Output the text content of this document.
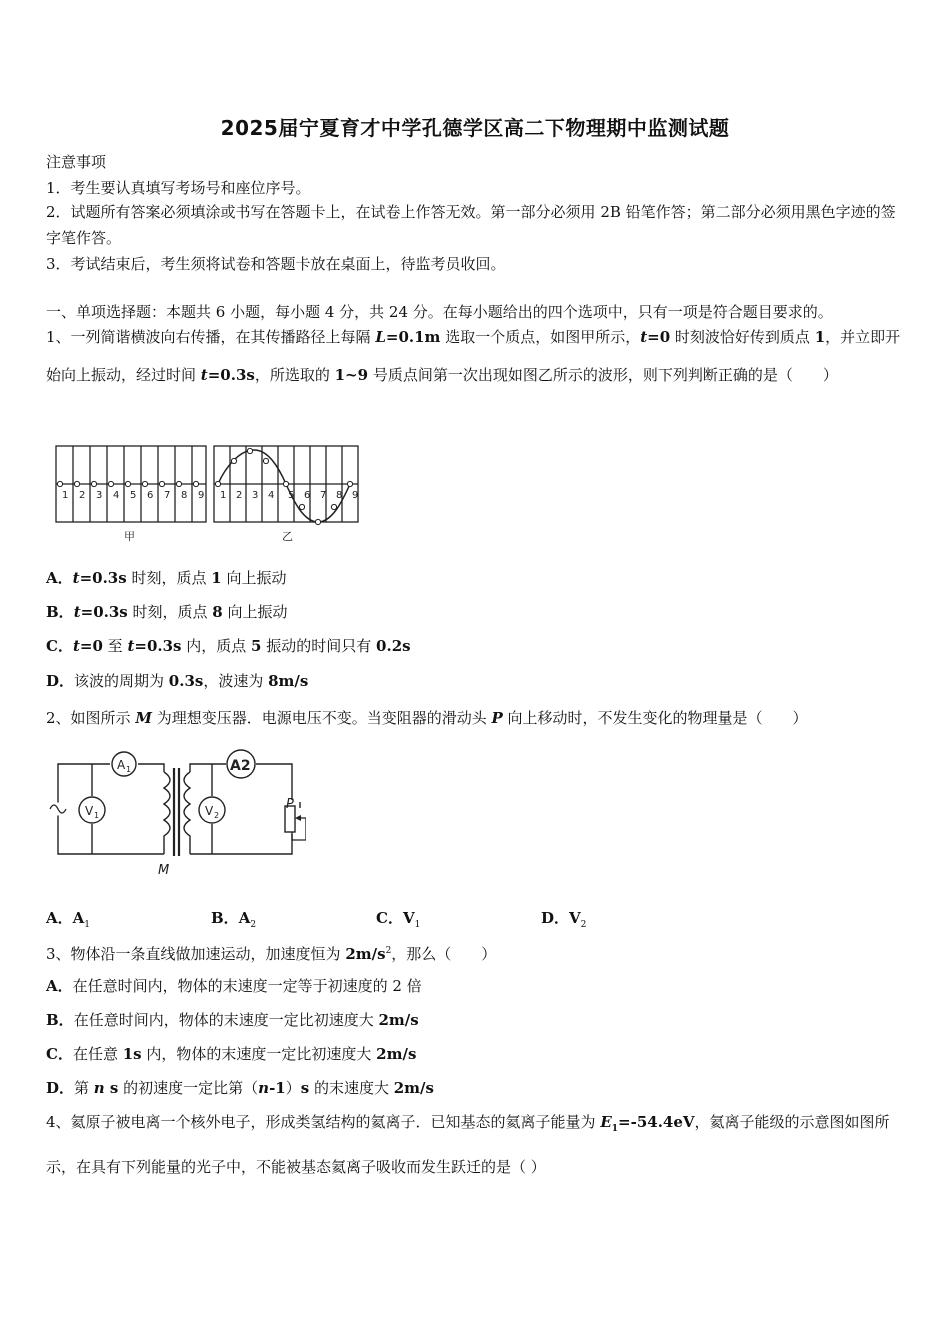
2025届宁夏育才中学孔德学区高二下物理期中监测试题
注意事项
1．考生要认真填写考场号和座位序号。
2．试题所有答案必须填涂或书写在答题卡上，在试卷上作答无效。第一部分必须用 2B 铅笔作答；第二部分必须用黑色字迹的签字笔作答。
3．考试结束后，考生须将试卷和答题卡放在桌面上，待监考员收回。
一、单项选择题：本题共 6 小题，每小题 4 分，共 24 分。在每小题给出的四个选项中，只有一项是符合题目要求的。
1、一列简谐横波向右传播，在其传播路径上每隔 L=0.1m 选取一个质点，如图甲所示，t=0 时刻波恰好传到质点 1，并立即开始向上振动，经过时间 t=0.3s，所选取的 1~9 号质点间第一次出现如图乙所示的波形，则下列判断正确的是（　　）
1 2 3 4 5 6 7 8 9
甲
1 2 3 4 5 6 7 8 9
乙
A．t=0.3s 时刻，质点 1 向上振动
B．t=0.3s 时刻，质点 8 向上振动
C．t=0 至 t=0.3s 内，质点 5 振动的时间只有 0.2s
D．该波的周期为 0.3s，波速为 8m/s
2、如图所示 M 为理想变压器．电源电压不变。当变阻器的滑动头 P 向上移动时，不发生变化的物理量是（　　）
A 1	A2
V 1	V 2
P
M
A．$A_1$	B．$A_2$	C．$V_1$	D．$V_2$
3、物体沿一条直线做加速运动，加速度恒为 $2m/s^2$，那么（　　）
A．在任意时间内，物体的末速度一定等于初速度的 2 倍
B．在任意时间内，物体的末速度一定比初速度大 2m/s
C．在任意 1s 内，物体的末速度一定比初速度大 2m/s
D．第 n s 的初速度一定比第（n-1）s 的末速度大 2m/s
4、氦原子被电离一个核外电子，形成类氢结构的氦离子．已知基态的氦离子能量为 $E_1=-54.4eV$，氦离子能级的示意图如图所示，在具有下列能量的光子中，不能被基态氦离子吸收而发生跃迁的是（ ）
